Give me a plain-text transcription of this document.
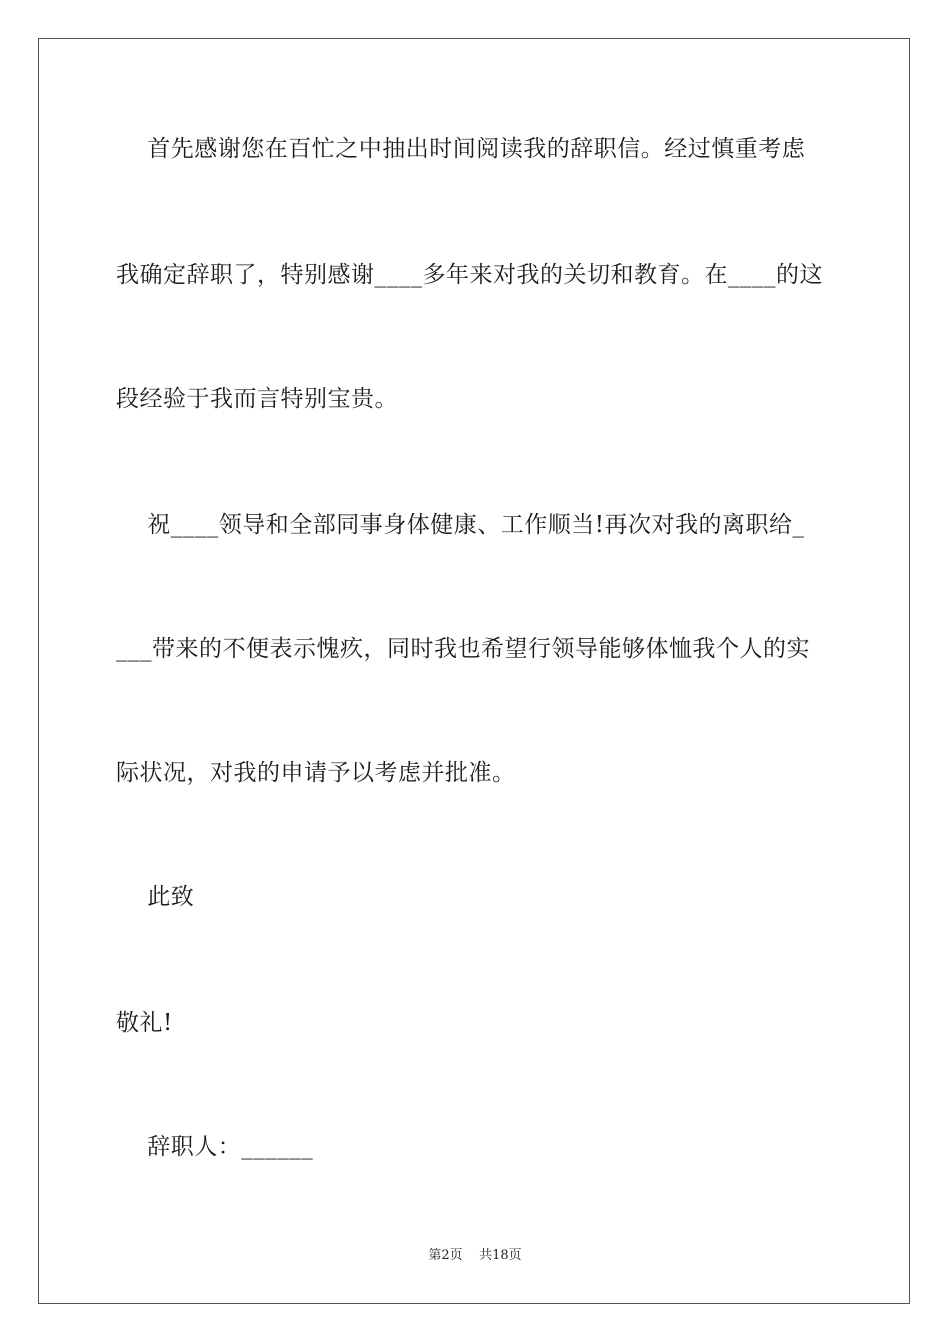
首先感谢您在百忙之中抽出时间阅读我的辞职信。经过慎重考虑
我确定辞职了，特别感谢____多年来对我的关切和教育。在____的这
段经验于我而言特别宝贵。
祝____领导和全部同事身体健康、工作顺当!再次对我的离职给_
___带来的不便表示愧疚，同时我也希望行领导能够体恤我个人的实
际状况，对我的申请予以考虑并批准。
此致
敬礼!
辞职人：______
第2页    共18页
